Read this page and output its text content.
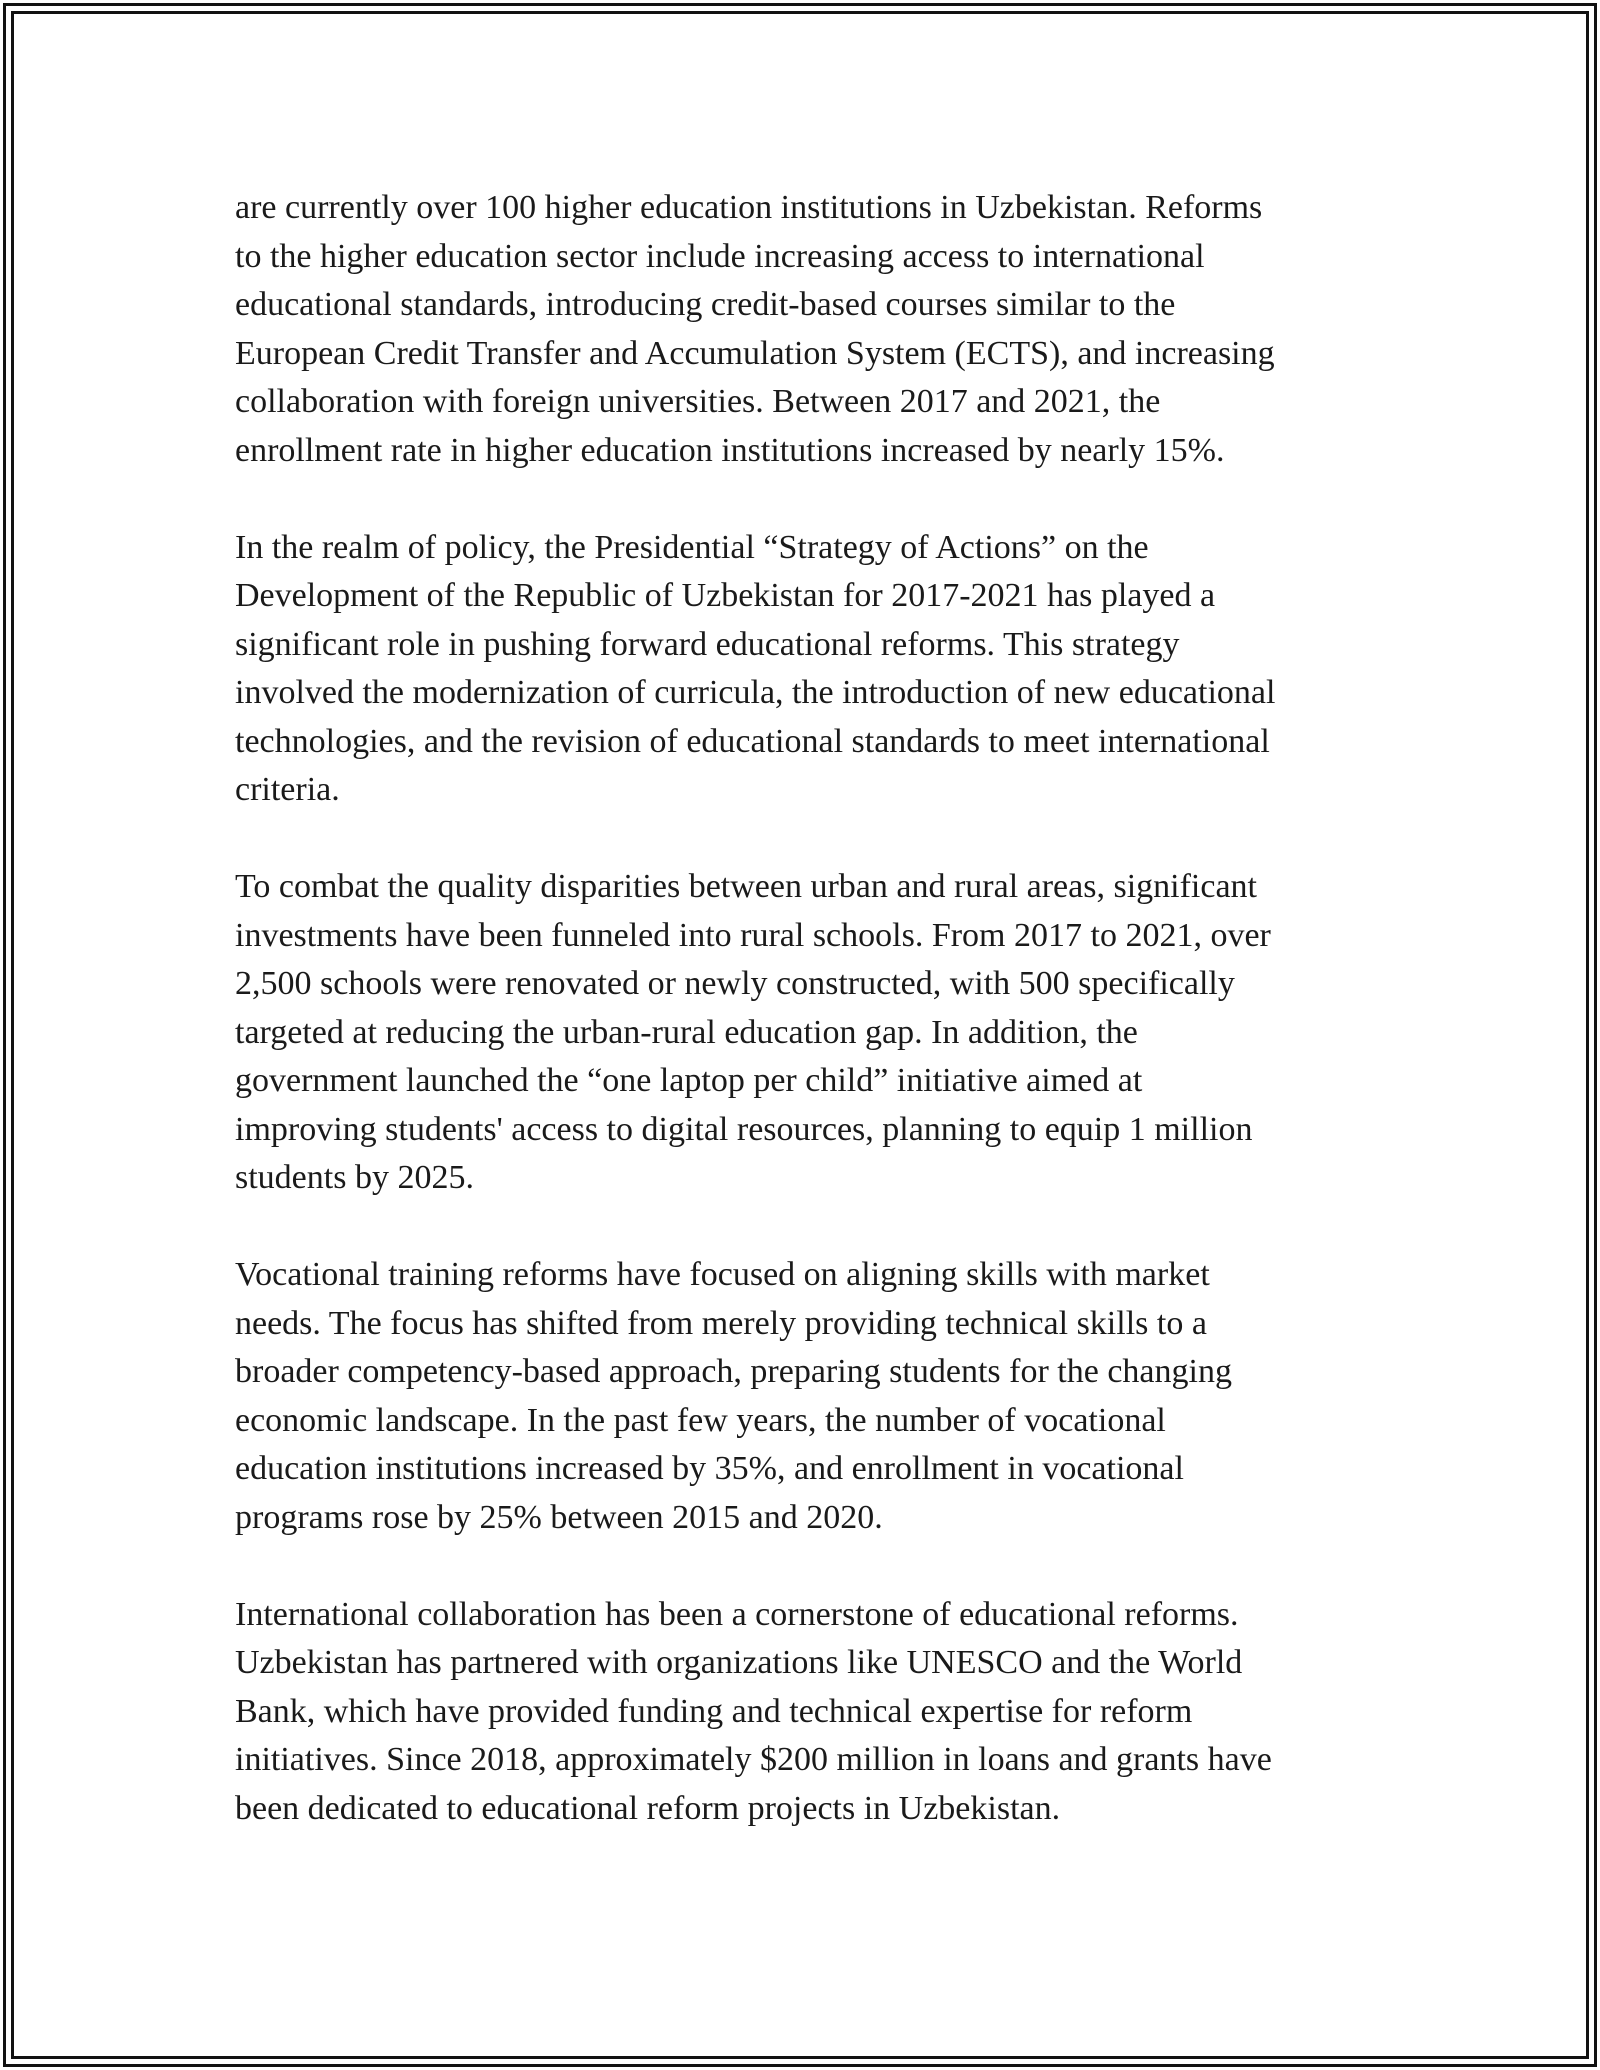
are currently over 100 higher education institutions in Uzbekistan. Reforms
to the higher education sector include increasing access to international
educational standards, introducing credit-based courses similar to the
European Credit Transfer and Accumulation System (ECTS), and increasing
collaboration with foreign universities. Between 2017 and 2021, the
enrollment rate in higher education institutions increased by nearly 15%.

In the realm of policy, the Presidential “Strategy of Actions” on the
Development of the Republic of Uzbekistan for 2017-2021 has played a
significant role in pushing forward educational reforms. This strategy
involved the modernization of curricula, the introduction of new educational
technologies, and the revision of educational standards to meet international
criteria.

To combat the quality disparities between urban and rural areas, significant
investments have been funneled into rural schools. From 2017 to 2021, over
2,500 schools were renovated or newly constructed, with 500 specifically
targeted at reducing the urban-rural education gap. In addition, the
government launched the “one laptop per child” initiative aimed at
improving students' access to digital resources, planning to equip 1 million
students by 2025.

Vocational training reforms have focused on aligning skills with market
needs. The focus has shifted from merely providing technical skills to a
broader competency-based approach, preparing students for the changing
economic landscape. In the past few years, the number of vocational
education institutions increased by 35%, and enrollment in vocational
programs rose by 25% between 2015 and 2020.

International collaboration has been a cornerstone of educational reforms.
Uzbekistan has partnered with organizations like UNESCO and the World
Bank, which have provided funding and technical expertise for reform
initiatives. Since 2018, approximately $200 million in loans and grants have
been dedicated to educational reform projects in Uzbekistan.
